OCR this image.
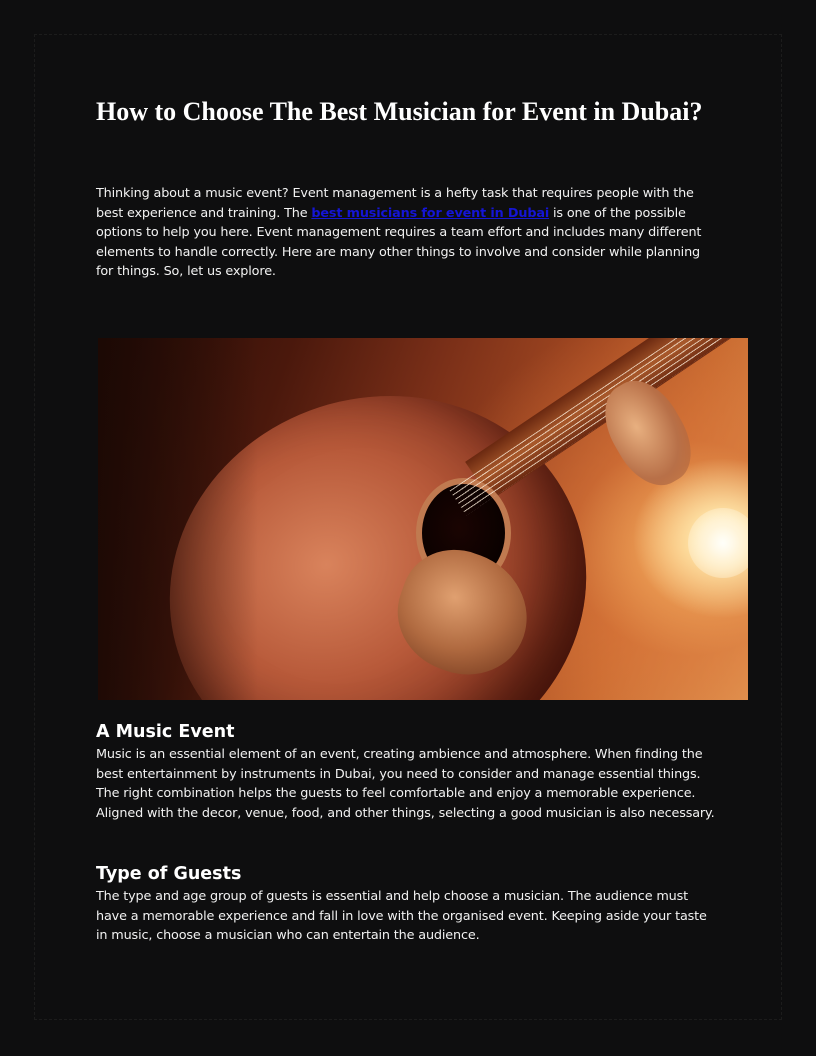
How to Choose The Best Musician for Event in Dubai?

Thinking about a music event? Event management is a hefty task that requires people with the best experience and training. The best musicians for event in Dubai is one of the possible options to help you here. Event management requires a team effort and includes many different elements to handle correctly. Here are many other things to involve and consider while planning for things. So, let us explore.

A Music Event

Music is an essential element of an event, creating ambience and atmosphere. When finding the best entertainment by instruments in Dubai, you need to consider and manage essential things. The right combination helps the guests to feel comfortable and enjoy a memorable experience. Aligned with the decor, venue, food, and other things, selecting a good musician is also necessary.

Type of Guests

The type and age group of guests is essential and help choose a musician. The audience must have a memorable experience and fall in love with the organised event. Keeping aside your taste in music, choose a musician who can entertain the audience.
